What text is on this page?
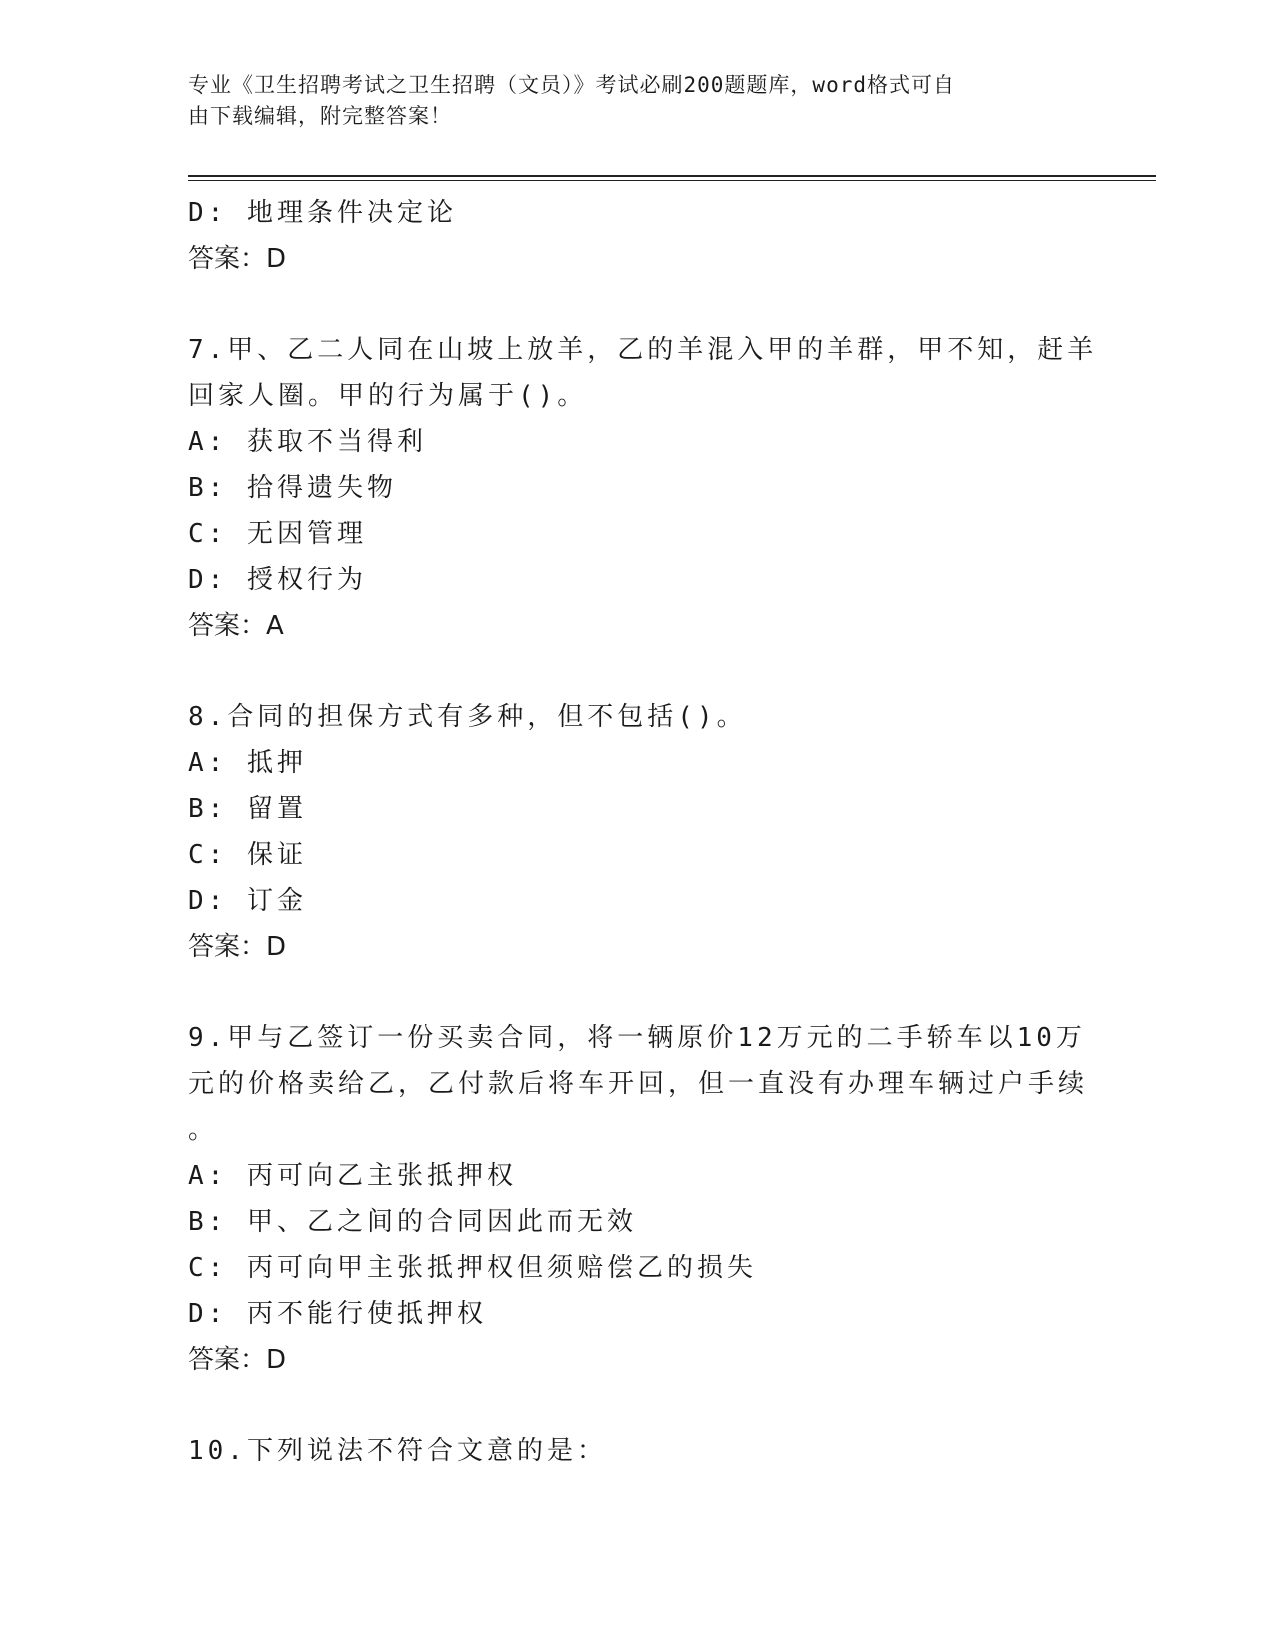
专业《卫生招聘考试之卫生招聘（文员）》考试必刷200题题库，word格式可自
由下载编辑，附完整答案！
D: 地理条件决定论
答案：D
7.甲、乙二人同在山坡上放羊，乙的羊混入甲的羊群，甲不知，赶羊
回家人圈。甲的行为属于()。
A: 获取不当得利
B: 拾得遗失物
C: 无因管理
D: 授权行为
答案：A
8.合同的担保方式有多种，但不包括()。
A: 抵押
B: 留置
C: 保证
D: 订金
答案：D
9.甲与乙签订一份买卖合同，将一辆原价12万元的二手轿车以10万
元的价格卖给乙，乙付款后将车开回，但一直没有办理车辆过户手续
。
A: 丙可向乙主张抵押权
B: 甲、乙之间的合同因此而无效
C: 丙可向甲主张抵押权但须赔偿乙的损失
D: 丙不能行使抵押权
答案：D
10.下列说法不符合文意的是：
